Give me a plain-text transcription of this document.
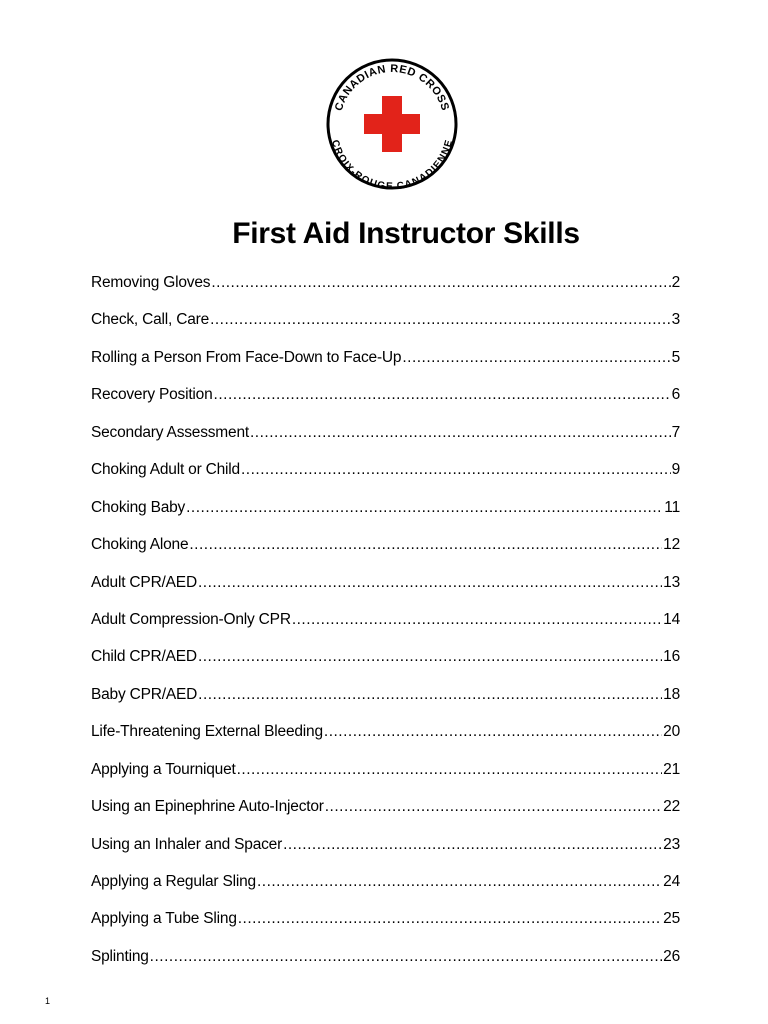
CANADIAN RED CROSS
CROIX-ROUGE CANADIENNE
First Aid Instructor Skills
Removing Gloves .....	2
Check, Call, Care .....	3
Rolling a Person From Face-Down to Face-Up .....	5
Recovery Position .....	6
Secondary Assessment .....	7
Choking Adult or Child .....	9
Choking Baby .....	11
Choking Alone .....	12
Adult CPR/AED .....	13
Adult Compression-Only CPR .....	14
Child CPR/AED .....	16
Baby CPR/AED .....	18
Life-Threatening External Bleeding .....	20
Applying a Tourniquet .....	21
Using an Epinephrine Auto-Injector .....	22
Using an Inhaler and Spacer .....	23
Applying a Regular Sling .....	24
Applying a Tube Sling .....	25
Splinting .....	26
1
